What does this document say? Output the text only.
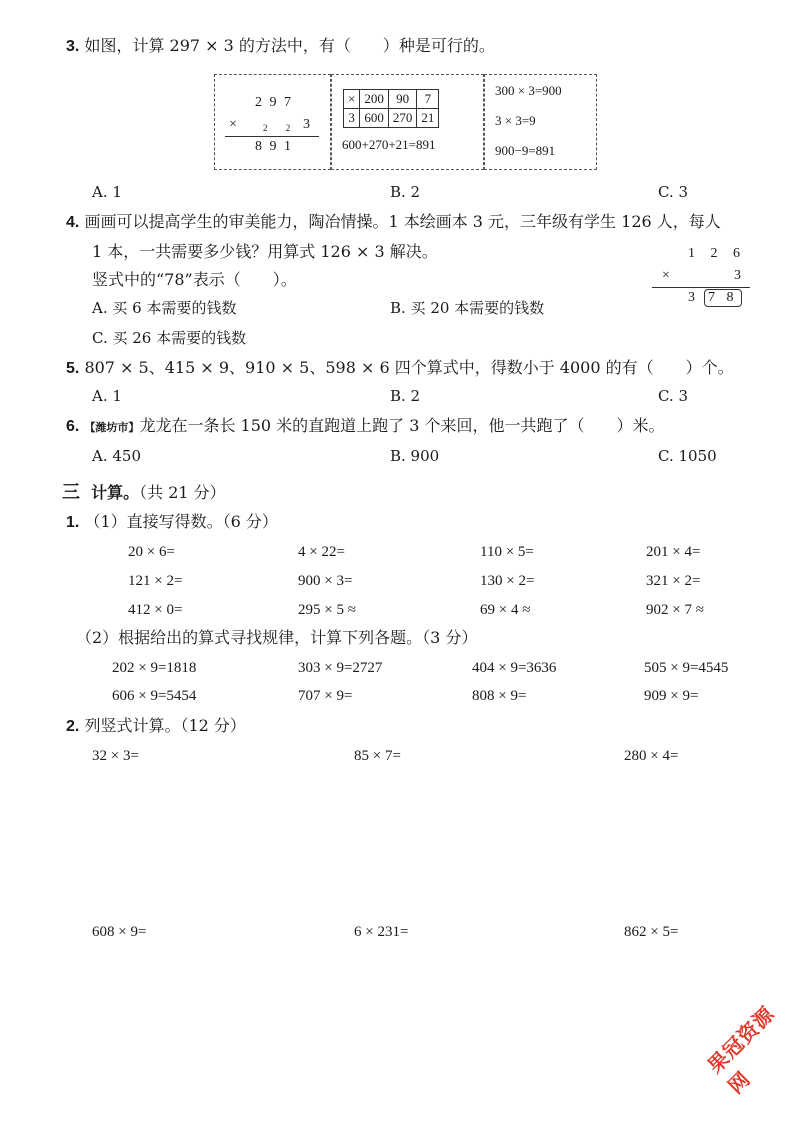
3. 如图，计算 297 × 3 的方法中，有（　　）种是可行的。
2 9 7
×	2 2 3
8 9 1
×	200	90	7
3	600	270	21
600+270+21=891
300 × 3=900
3 × 3=9
900−9=891
A. 1	B. 2	C. 3
4. 画画可以提高学生的审美能力，陶冶情操。1 本绘画本 3 元，三年级有学生 126 人，每人
1 本，一共需要多少钱？用算式 126 × 3 解决。
竖式中的“78”表示（　　）。
1 2 6
×	3
3 7 8
A. 买 6 本需要的钱数	B. 买 20 本需要的钱数
C. 买 26 本需要的钱数
5. 807 × 5、415 × 9、910 × 5、598 × 6 四个算式中，得数小于 4000 的有（　　）个。
A. 1	B. 2	C. 3
6. 【潍坊市】龙龙在一条长 150 米的直跑道上跑了 3 个来回，他一共跑了（　　）米。
A. 450	B. 900	C. 1050
三 计算。（共 21 分）
1. （1）直接写得数。（6 分）
20 × 6=	4 × 22=	110 × 5=	201 × 4=
121 × 2=	900 × 3=	130 × 2=	321 × 2=
412 × 0=	295 × 5 ≈	69 × 4 ≈	902 × 7 ≈
（2）根据给出的算式寻找规律，计算下列各题。（3 分）
202 × 9=1818	303 × 9=2727	404 × 9=3636	505 × 9=4545
606 × 9=5454	707 × 9=	808 × 9=	909 × 9=
2. 列竖式计算。（12 分）
32 × 3=	85 × 7=	280 × 4=
608 × 9=	6 × 231=	862 × 5=
果冠资源网
